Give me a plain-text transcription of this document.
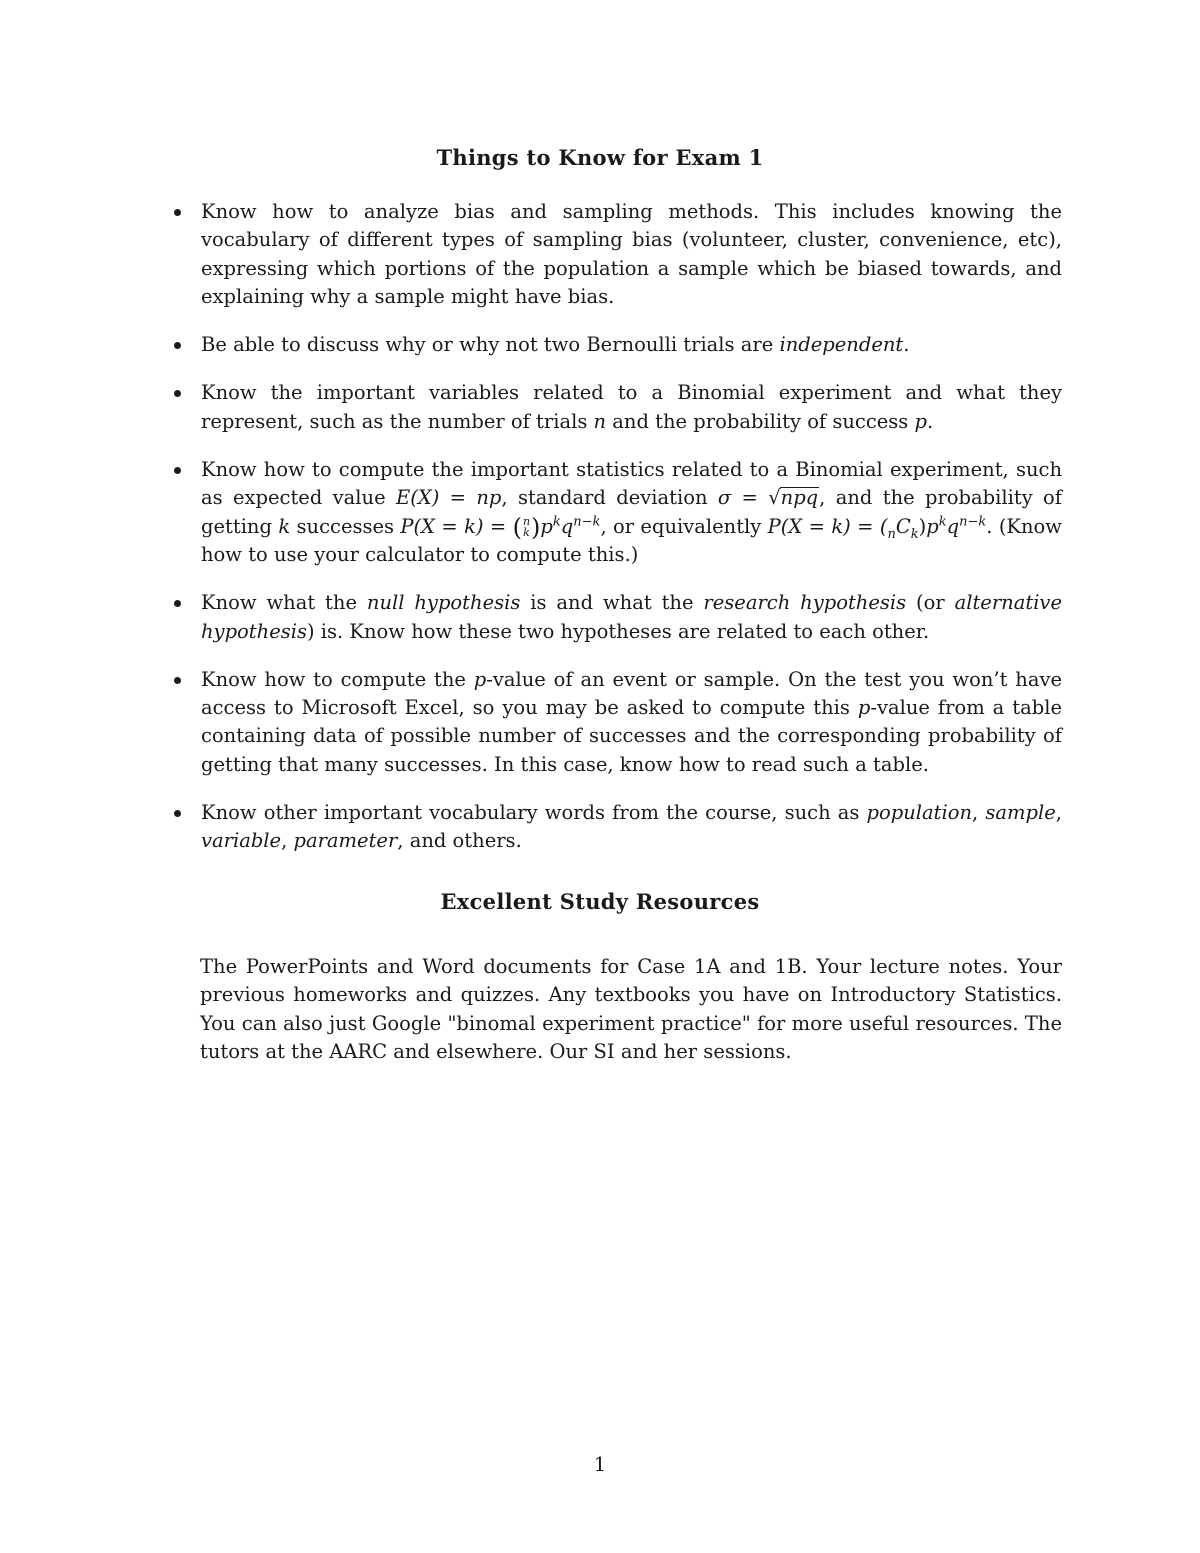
Things to Know for Exam 1
Know how to analyze bias and sampling methods. This includes knowing the vocabulary of different types of sampling bias (volunteer, cluster, convenience, etc), expressing which portions of the population a sample which be biased towards, and explaining why a sample might have bias.
Be able to discuss why or why not two Bernoulli trials are independent.
Know the important variables related to a Binomial experiment and what they represent, such as the number of trials n and the probability of success p.
Know how to compute the important statistics related to a Binomial experiment, such as expected value E(X) = np, standard deviation σ = √npq, and the probability of getting k successes P(X = k) = ( n
k )$p^kq^{n-k}$, or equivalently $P(X = k) = (_nC_k)p^kq^{n-k}$. (Know how to use your calculator to compute this.)
Know what the null hypothesis is and what the research hypothesis (or alternative hypothesis) is. Know how these two hypotheses are related to each other.
Know how to compute the p-value of an event or sample. On the test you won’t have access to Microsoft Excel, so you may be asked to compute this p-value from a table containing data of possible number of successes and the corresponding probability of getting that many successes. In this case, know how to read such a table.
Know other important vocabulary words from the course, such as population, sample, variable, parameter, and others.
Excellent Study Resources

The PowerPoints and Word documents for Case 1A and 1B. Your lecture notes. Your previous homeworks and quizzes. Any textbooks you have on Introductory Statistics. You can also just Google "binomal experiment practice" for more useful resources. The tutors at the AARC and elsewhere. Our SI and her sessions.

1
